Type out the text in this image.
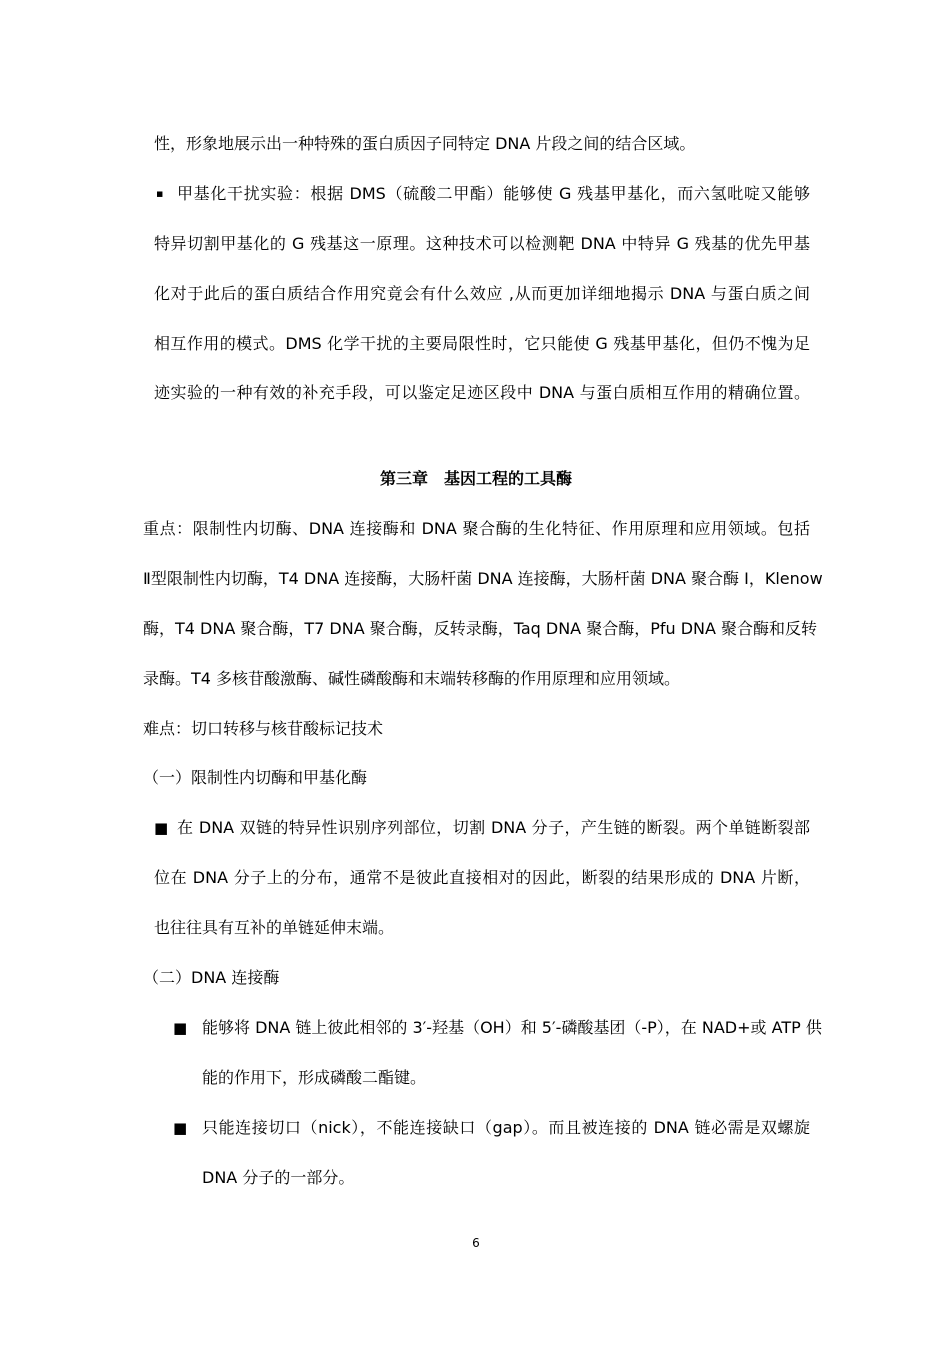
性，形象地展示出一种特殊的蛋白质因子同特定 DNA 片段之间的结合区域。
▪ 甲基化干扰实验：根据 DMS（硫酸二甲酯）能够使 G 残基甲基化，而六氢吡啶又能够
特异切割甲基化的 G 残基这一原理。这种技术可以检测靶 DNA 中特异 G 残基的优先甲基
化对于此后的蛋白质结合作用究竟会有什么效应 ,从而更加详细地揭示 DNA 与蛋白质之间
相互作用的模式。DMS 化学干扰的主要局限性时，它只能使 G 残基甲基化，但仍不愧为足
迹实验的一种有效的补充手段，可以鉴定足迹区段中 DNA 与蛋白质相互作用的精确位置。
第三章　基因工程的工具酶
重点：限制性内切酶、DNA 连接酶和 DNA 聚合酶的生化特征、作用原理和应用领域。包括
Ⅱ型限制性内切酶，T4 DNA 连接酶，大肠杆菌 DNA 连接酶，大肠杆菌 DNA 聚合酶 I，Klenow
酶，T4 DNA 聚合酶，T7 DNA 聚合酶，反转录酶，Taq DNA 聚合酶，Pfu DNA 聚合酶和反转
录酶。T4 多核苷酸激酶、碱性磷酸酶和末端转移酶的作用原理和应用领域。
难点：切口转移与核苷酸标记技术
（一）限制性内切酶和甲基化酶
■ 在 DNA 双链的特异性识别序列部位，切割 DNA 分子，产生链的断裂。两个单链断裂部
位在 DNA 分子上的分布，通常不是彼此直接相对的因此，断裂的结果形成的 DNA 片断，
也往往具有互补的单链延伸末端。
（二）DNA 连接酶
■ 能够将 DNA 链上彼此相邻的 3′-羟基（OH）和 5′-磷酸基团（-P），在 NAD+或 ATP 供
能的作用下，形成磷酸二酯键。
■ 只能连接切口（nick），不能连接缺口（gap）。而且被连接的 DNA 链必需是双螺旋
DNA 分子的一部分。
6
